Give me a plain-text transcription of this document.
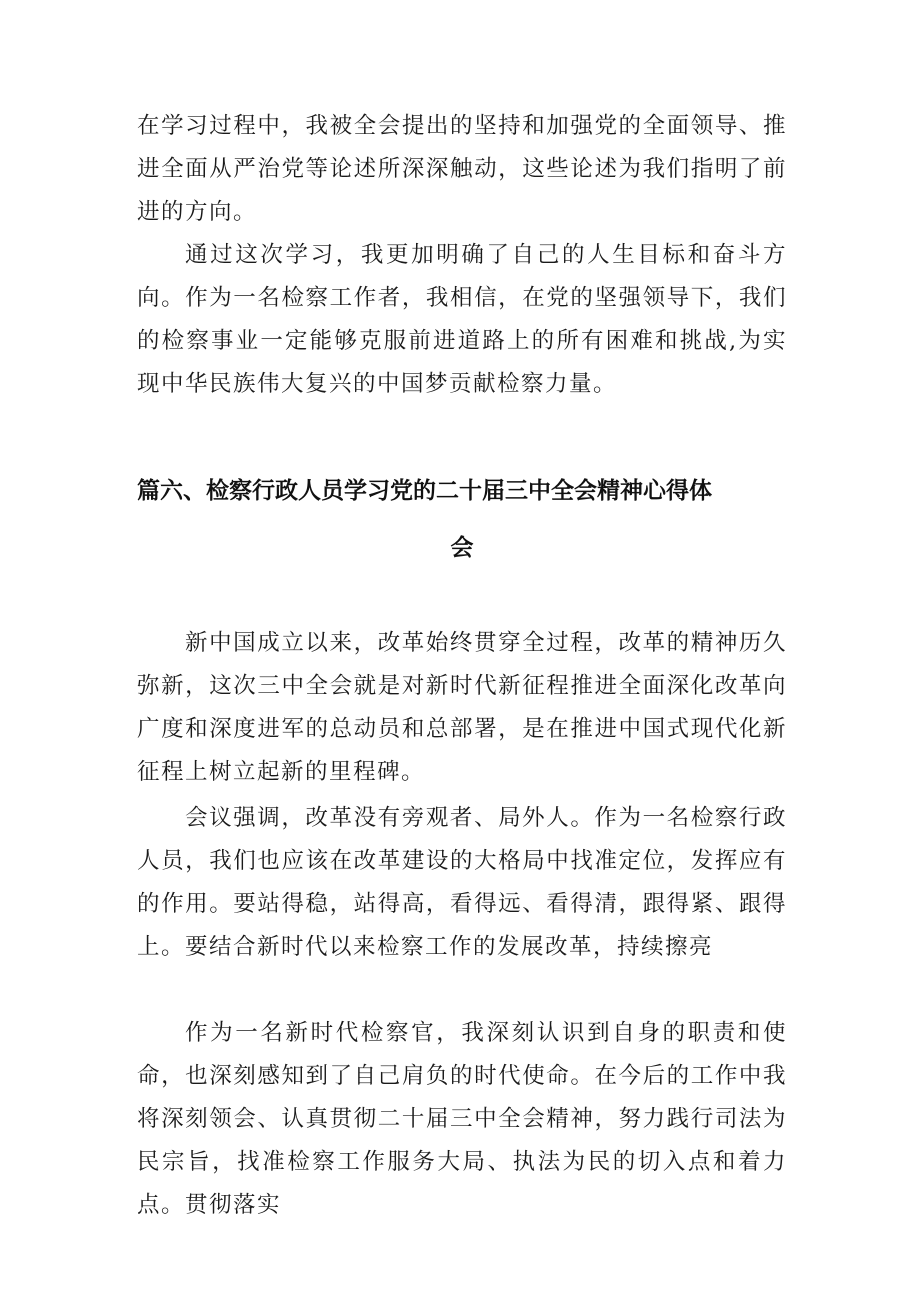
在学习过程中，我被全会提出的坚持和加强党的全面领导、推进全面从严治党等论述所深深触动，这些论述为我们指明了前进的方向。

通过这次学习，我更加明确了自己的人生目标和奋斗方向。作为一名检察工作者，我相信，在党的坚强领导下，我们的检察事业一定能够克服前进道路上的所有困难和挑战,为实现中华民族伟大复兴的中国梦贡献检察力量。

篇六、检察行政人员学习党的二十届三中全会精神心得体
会

新中国成立以来，改革始终贯穿全过程，改革的精神历久弥新，这次三中全会就是对新时代新征程推进全面深化改革向广度和深度进军的总动员和总部署，是在推进中国式现代化新征程上树立起新的里程碑。

会议强调，改革没有旁观者、局外人。作为一名检察行政人员，我们也应该在改革建设的大格局中找准定位，发挥应有的作用。要站得稳，站得高，看得远、看得清，跟得紧、跟得上。要结合新时代以来检察工作的发展改革，持续擦亮

作为一名新时代检察官，我深刻认识到自身的职责和使命，也深刻感知到了自己肩负的时代使命。在今后的工作中我将深刻领会、认真贯彻二十届三中全会精神，努力践行司法为民宗旨，找准检察工作服务大局、执法为民的切入点和着力点。贯彻落实
